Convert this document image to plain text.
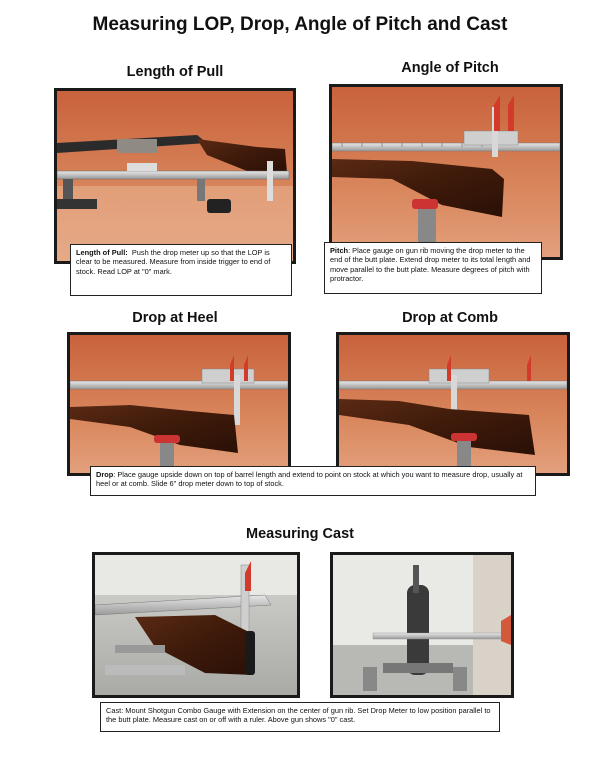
Measuring LOP, Drop, Angle of Pitch and Cast
Length of Pull
Length of Pull: Push the drop meter up so that the LOP is clear to be measured. Measure from inside trigger to end of stock. Read LOP at "0" mark.
Angle of Pitch
Pitch: Place gauge on gun rib moving the drop meter to the end of the butt plate. Extend drop meter to its total length and move parallel to the butt plate. Measure degrees of pitch with protractor.
Drop at Heel	Drop at Comb
Drop: Place gauge upside down on top of barrel length and extend to point on stock at which you want to measure drop, usually at heel or at comb. Slide 6" drop meter down to top of stock.
Measuring Cast
Cast: Mount Shotgun Combo Gauge with Extension on the center of gun rib. Set Drop Meter to low position parallel to the butt plate. Measure cast on or off with a ruler. Above gun shows "0" cast.
